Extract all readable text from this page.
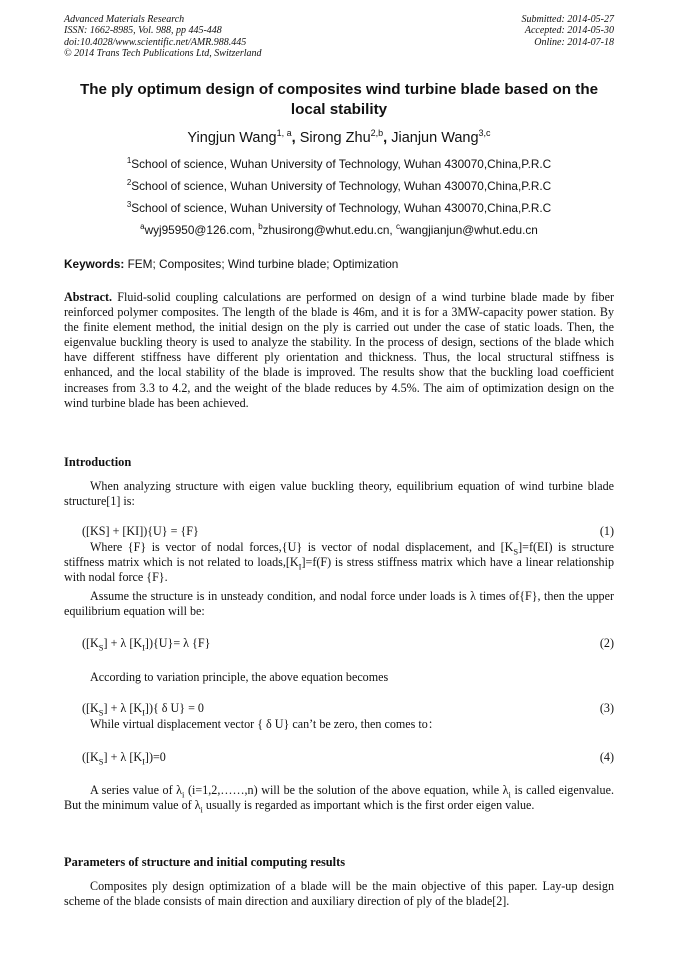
Advanced Materials Research
ISSN: 1662-8985, Vol. 988, pp 445-448
doi:10.4028/www.scientific.net/AMR.988.445
© 2014 Trans Tech Publications Ltd, Switzerland
Submitted: 2014-05-27
Accepted: 2014-05-30
Online: 2014-07-18
The ply optimum design of composites wind turbine blade based on the
local stability
Yingjun Wang$^{1, a}$, Sirong Zhu$^{2,b}$, Jianjun Wang$^{3,c}$
$^1$School of science, Wuhan University of Technology, Wuhan 430070,China,P.R.C
$^2$School of science, Wuhan University of Technology, Wuhan 430070,China,P.R.C
$^3$School of science, Wuhan University of Technology, Wuhan 430070,China,P.R.C
$^a$wyj95950@126.com, $^b$zhusirong@whut.edu.cn, $^c$wangjianjun@whut.edu.cn
Keywords: FEM; Composites; Wind turbine blade; Optimization
Abstract. Fluid-solid coupling calculations are performed on design of a wind turbine blade made by fiber reinforced polymer composites. The length of the blade is 46m, and it is for a 3MW-capacity power station. By the finite element method, the initial design on the ply is carried out under the case of static loads. Then, the eigenvalue buckling theory is used to analyze the stability. In the process of design, sections of the blade which have different stiffness have different ply orientation and thickness. Thus, the local structural stiffness is enhanced, and the local stability of the blade is improved. The results show that the buckling load coefficient increases from 3.3 to 4.2, and the weight of the blade reduces by 4.5%. The aim of optimization design on the wind turbine blade has been achieved.
Introduction
When analyzing structure with eigen value buckling theory, equilibrium equation of wind turbine blade structure[1] is:
([KS] + [KI]){U} = {F}	(1)
Where {F} is vector of nodal forces,{U} is vector of nodal displacement, and $[K_S]=f(EI)$ is structure stiffness matrix which is not related to $loads,[K_I]=f(F)$ is stress stiffness matrix which have a linear relationship with nodal force {F}.
Assume the structure is in unsteady condition, and nodal force under loads is λ times of{F}, then the upper equilibrium equation will be:
($[K_S] + \lambda$ $[K_I])\{U\}= \lambda$ {F}	(2)
According to variation principle, the above equation becomes
($[K_S] + \lambda$ $[K_I]$){ δ U} = 0	(3)
While virtual displacement vector { δ U} can’t be zero, then comes to：
($[K_S] + \lambda$ $[K_I])=0$	(4)
A series value of $\lambda_i$ (i=1,2,……,n) will be the solution of the above equation, while $\lambda_i$ is called eigenvalue. But the minimum value of $\lambda_i$ usually is regarded as important which is the first order eigen value.
Parameters of structure and initial computing results
Composites ply design optimization of a blade will be the main objective of this paper. Lay-up design scheme of the blade consists of main direction and auxiliary direction of ply of the blade[2].
